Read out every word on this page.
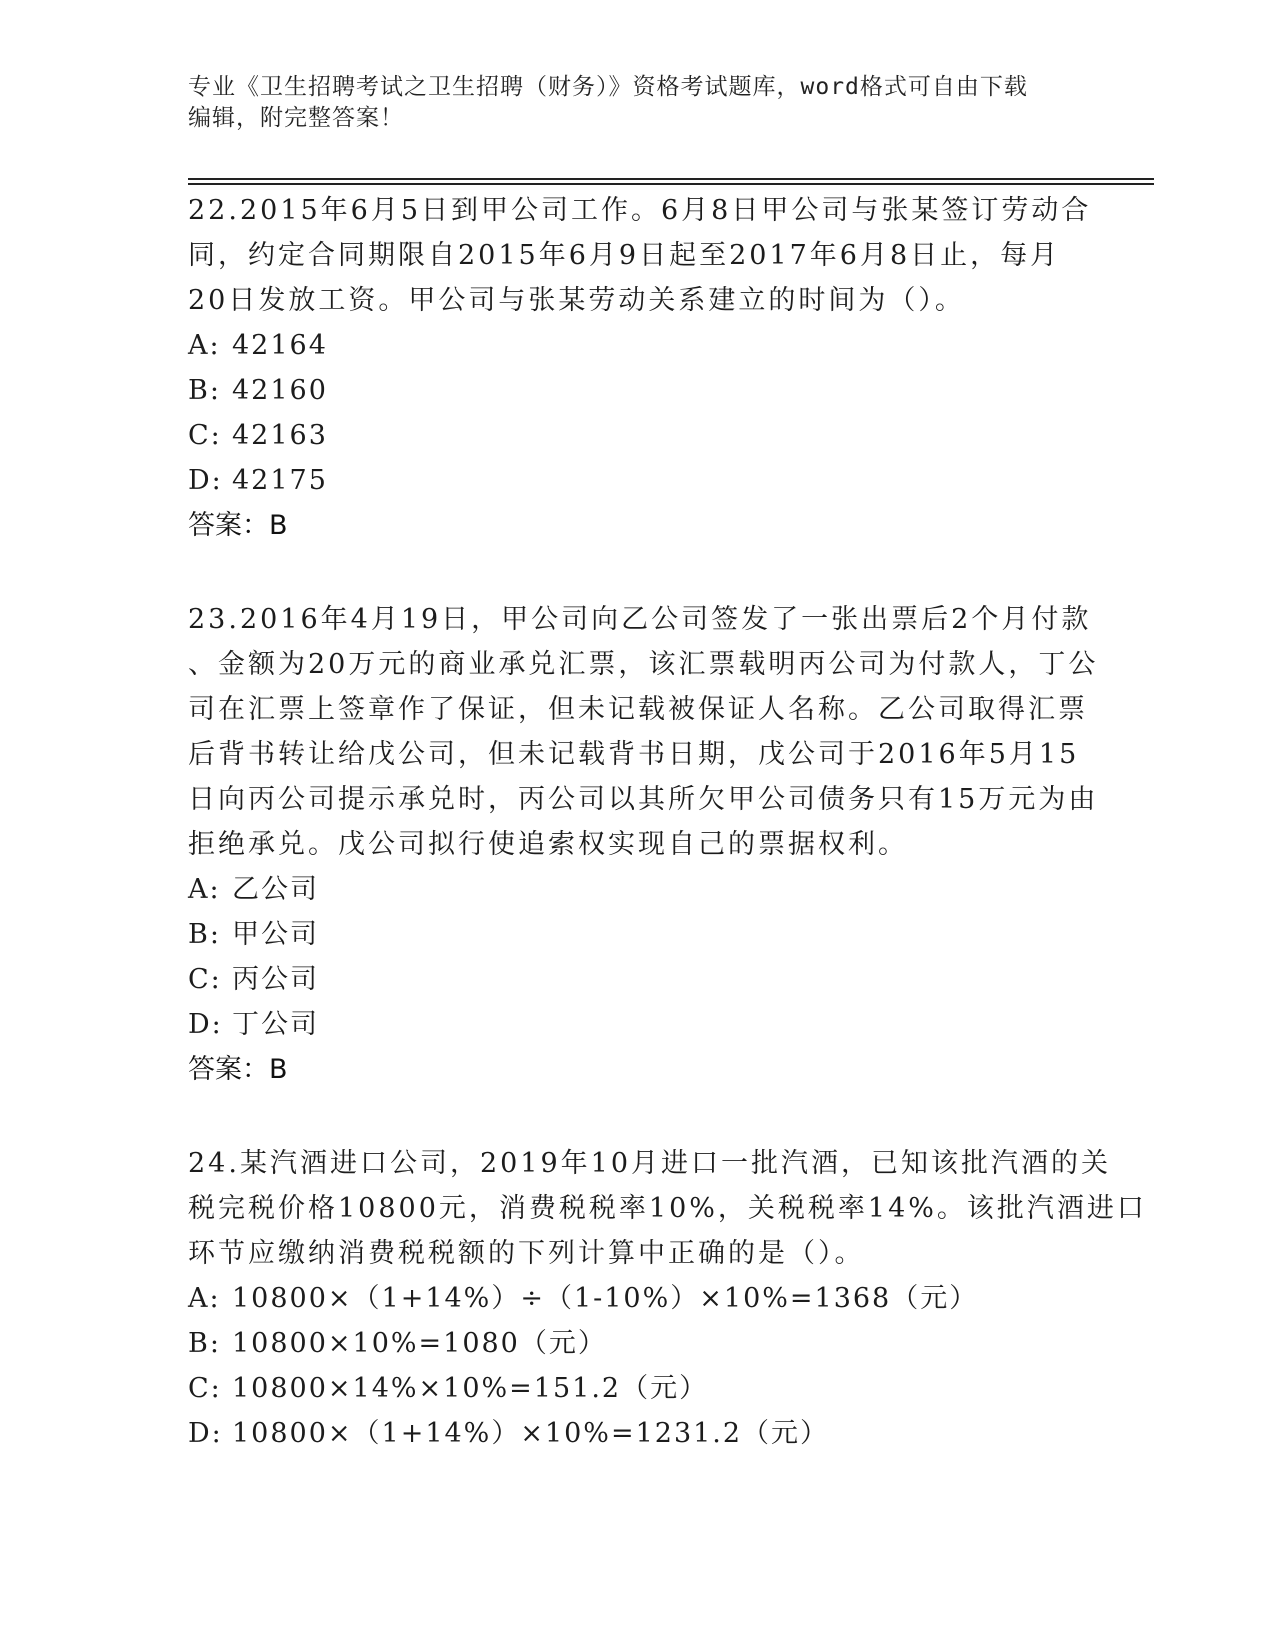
专业《卫生招聘考试之卫生招聘（财务）》资格考试题库，word格式可自由下载
编辑，附完整答案！
22.2015年6月5日到甲公司工作。6月8日甲公司与张某签订劳动合
同，约定合同期限自2015年6月9日起至2017年6月8日止，每月
20日发放工资。甲公司与张某劳动关系建立的时间为（）。
A: 42164
B: 42160
C: 42163
D: 42175
答案：B
23.2016年4月19日，甲公司向乙公司签发了一张出票后2个月付款
、金额为20万元的商业承兑汇票，该汇票载明丙公司为付款人，丁公
司在汇票上签章作了保证，但未记载被保证人名称。乙公司取得汇票
后背书转让给戊公司，但未记载背书日期，戊公司于2016年5月15
日向丙公司提示承兑时，丙公司以其所欠甲公司债务只有15万元为由
拒绝承兑。戊公司拟行使追索权实现自己的票据权利。
A: 乙公司
B: 甲公司
C: 丙公司
D: 丁公司
答案：B
24.某汽酒进口公司，2019年10月进口一批汽酒，已知该批汽酒的关
税完税价格10800元，消费税税率10%，关税税率14%。该批汽酒进口
环节应缴纳消费税税额的下列计算中正确的是（）。
A: 10800×（1+14%）÷（1-10%）×10%=1368（元）
B: 10800×10%=1080（元）
C: 10800×14%×10%=151.2（元）
D: 10800×（1+14%）×10%=1231.2（元）
